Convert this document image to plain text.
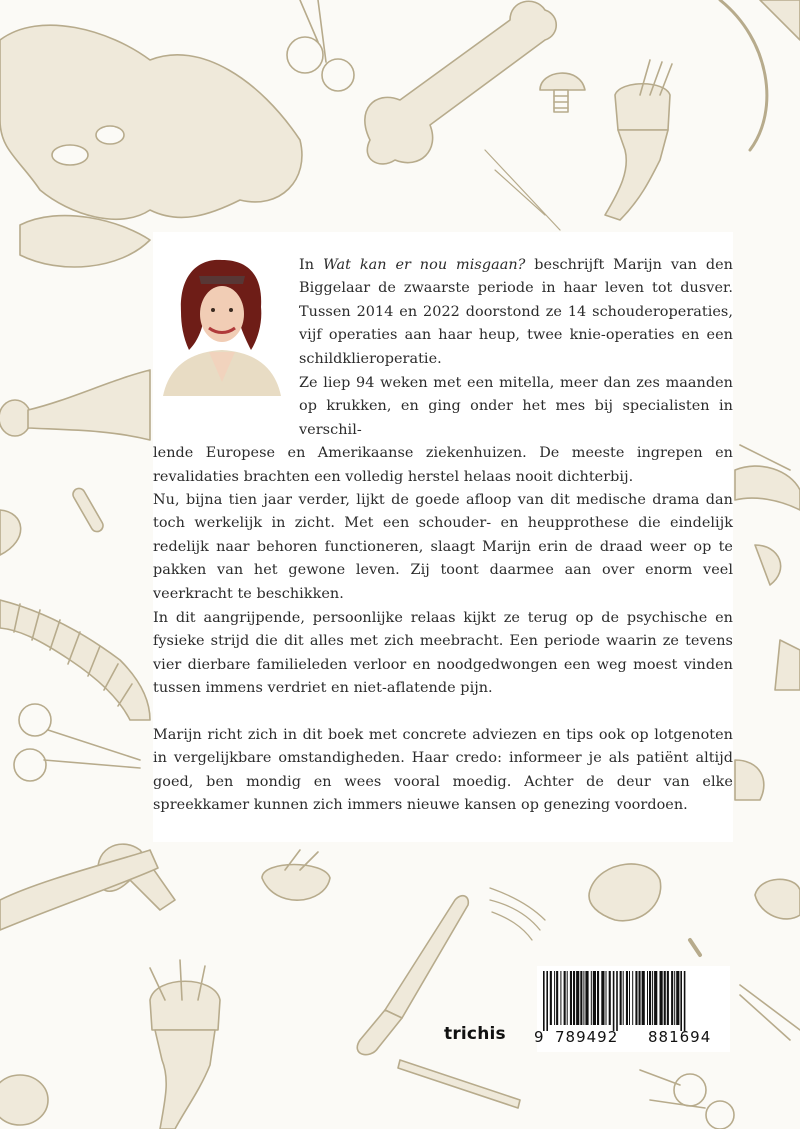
In Wat kan er nou misgaan? beschrijft Marijn van den Biggelaar de zwaarste periode in haar leven tot dusver. Tussen 2014 en 2022 doorstond ze 14 schouderoperaties, vijf operaties aan haar heup, twee knie-operaties en een schildklieroperatie.

Ze liep 94 weken met een mitella, meer dan zes maanden op krukken, en ging onder het mes bij specialisten in verschil-
lende Europese en Amerikaanse ziekenhuizen. De meeste ingrepen en revalidaties brachten een volledig herstel helaas nooit dichterbij.

Nu, bijna tien jaar verder, lijkt de goede afloop van dit medische drama dan toch werkelijk in zicht. Met een schouder- en heupprothese die eindelijk redelijk naar behoren functioneren, slaagt Marijn erin de draad weer op te pakken van het gewone leven. Zij toont daarmee aan over enorm veel veerkracht te beschikken.

In dit aangrijpende, persoonlijke relaas kijkt ze terug op de psychische en fysieke strijd die dit alles met zich meebracht. Een periode waarin ze tevens vier dierbare familieleden verloor en noodgedwongen een weg moest vinden tussen immens verdriet en niet-aflatende pijn.

Marijn richt zich in dit boek met concrete adviezen en tips ook op lotgenoten in vergelijkbare omstandigheden. Haar credo: informeer je als patiënt altijd goed, ben mondig en wees vooral moedig. Achter de deur van elke spreekkamer kunnen zich immers nieuwe kansen op genezing voordoen.

trichis 9 789492 881694
